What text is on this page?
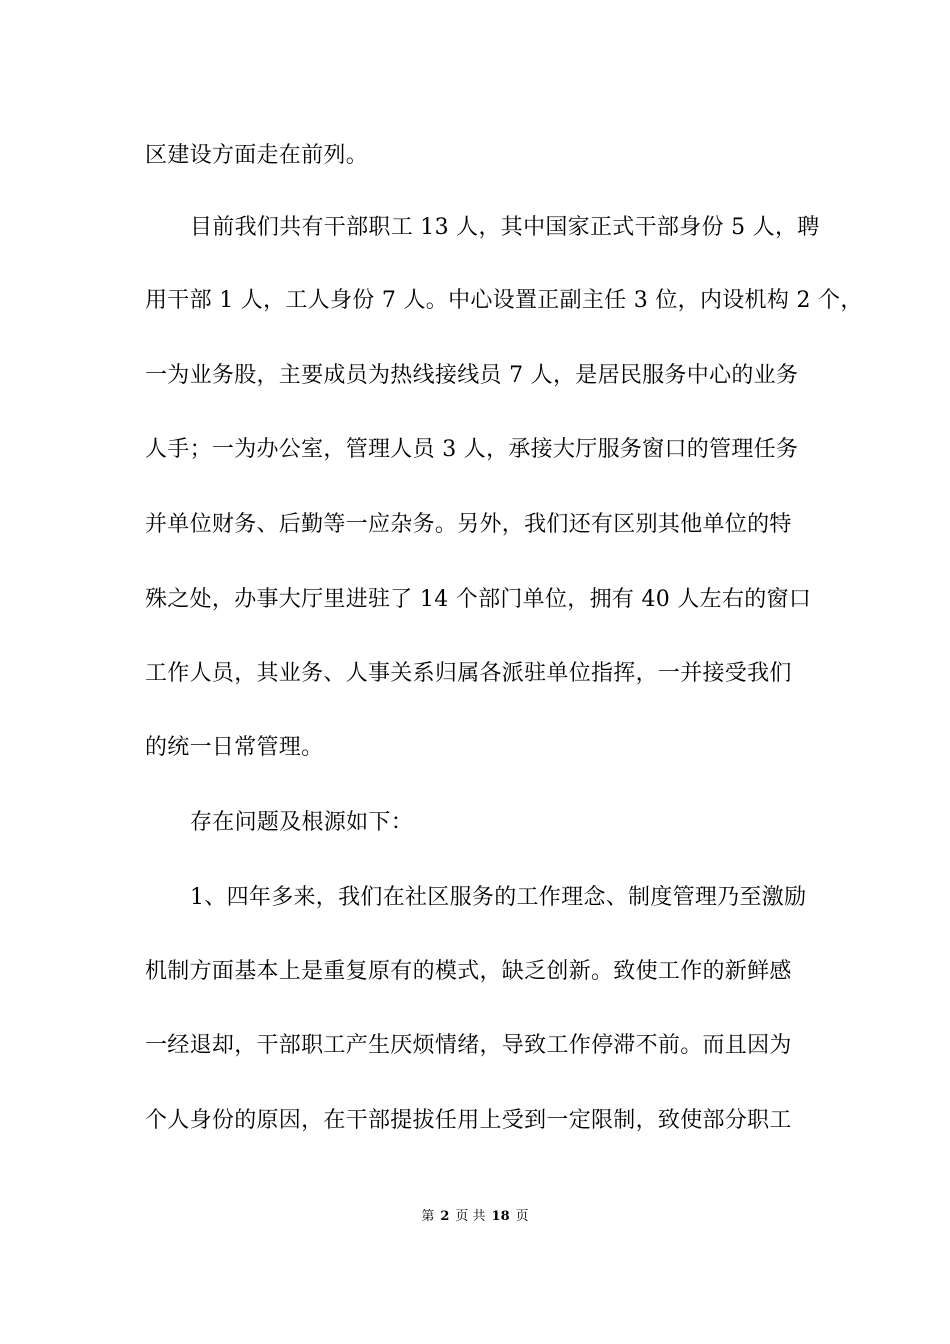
区建设方面走在前列。
目前我们共有干部职工 13 人，其中国家正式干部身份 5 人，聘
用干部 1 人，工人身份 7 人。中心设置正副主任 3 位，内设机构 2 个，
一为业务股，主要成员为热线接线员 7 人，是居民服务中心的业务
人手；一为办公室，管理人员 3 人，承接大厅服务窗口的管理任务
并单位财务、后勤等一应杂务。另外，我们还有区别其他单位的特
殊之处，办事大厅里进驻了 14 个部门单位，拥有 40 人左右的窗口
工作人员，其业务、人事关系归属各派驻单位指挥，一并接受我们
的统一日常管理。
存在问题及根源如下：
1、四年多来，我们在社区服务的工作理念、制度管理乃至激励
机制方面基本上是重复原有的模式，缺乏创新。致使工作的新鲜感
一经退却，干部职工产生厌烦情绪，导致工作停滞不前。而且因为
个人身份的原因，在干部提拔任用上受到一定限制，致使部分职工
第 2 页 共 18 页
